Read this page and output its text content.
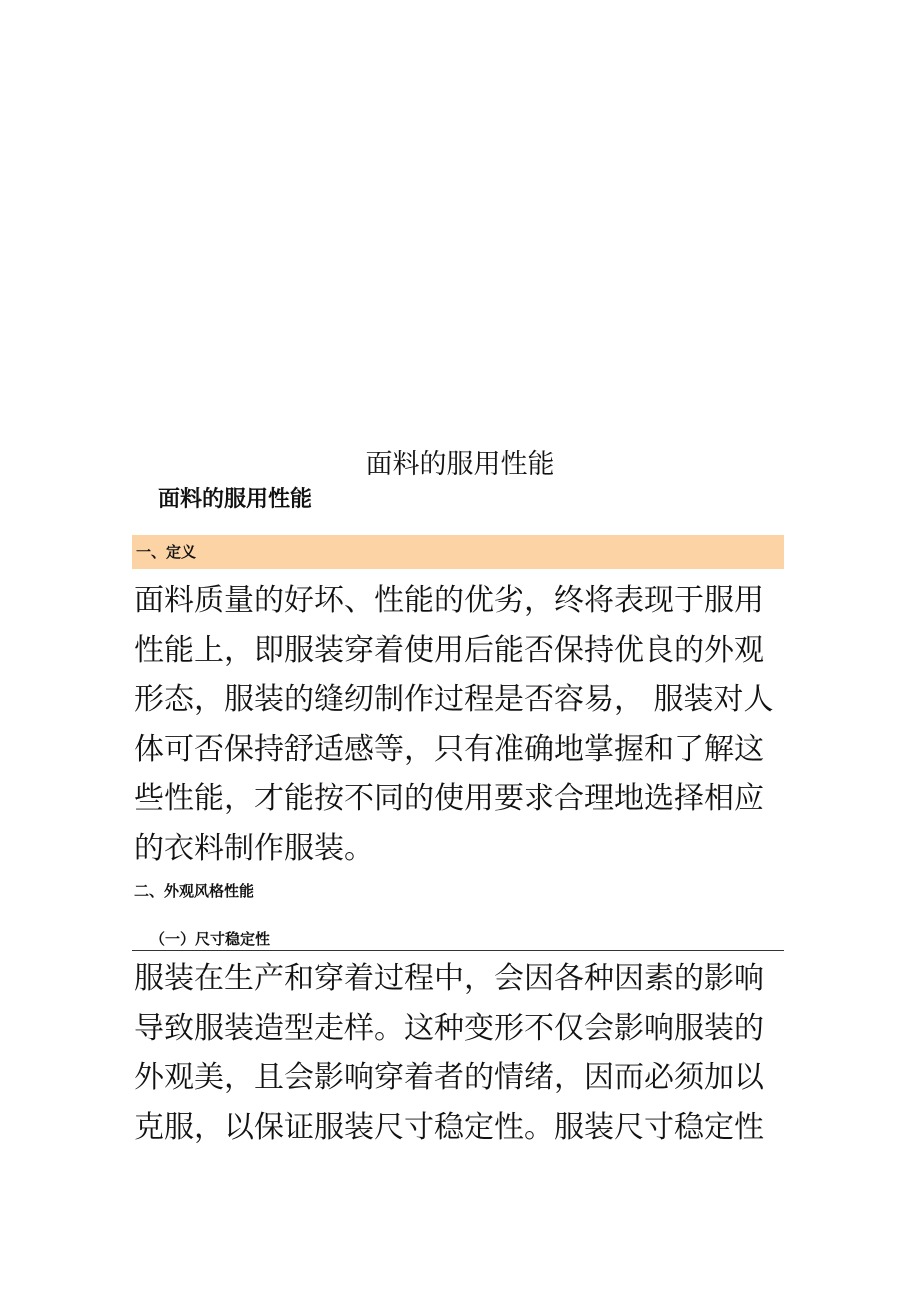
面料的服用性能
面料的服用性能
一、定义

面料质量的好坏、性能的优劣，终将表现于服用
性能上，即服装穿着使用后能否保持优良的外观
形态，服装的缝纫制作过程是否容易， 服装对人
体可否保持舒适感等，只有准确地掌握和了解这
些性能，才能按不同的使用要求合理地选择相应
的衣料制作服装。

二、外观风格性能
（一）尺寸稳定性

服装在生产和穿着过程中，会因各种因素的影响
导致服装造型走样。这种变形不仅会影响服装的
外观美，且会影响穿着者的情绪，因而必须加以
克服，以保证服装尺寸稳定性。服装尺寸稳定性
